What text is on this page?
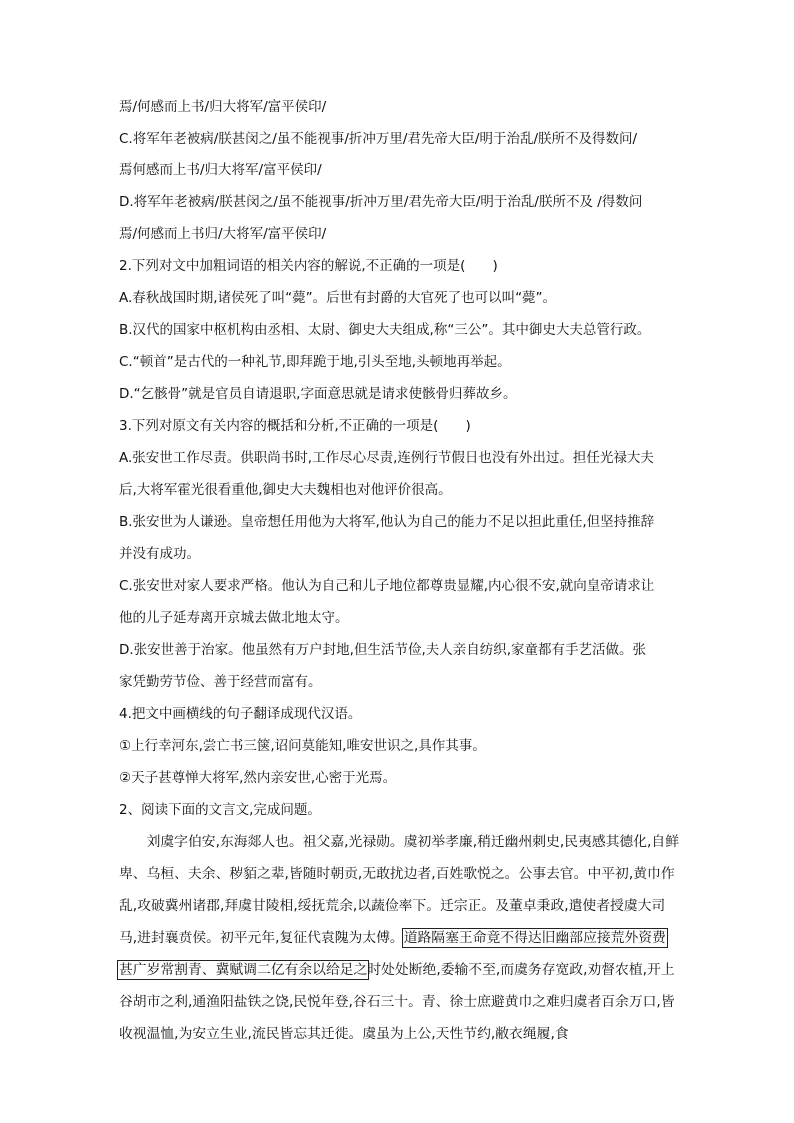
焉/何感而上书/归大将军/富平侯印/
C.将军年老被病/朕甚闵之/虽不能视事/折冲万里/君先帝大臣/明于治乱/朕所不及得数问/
焉何感而上书/归大将军/富平侯印/
D.将军年老被病/朕甚闵之/虽不能视事/折冲万里/君先帝大臣/明于治乱/朕所不及 /得数问
焉/何感而上书归/大将军/富平侯印/
2.下列对文中加粗词语的相关内容的解说,不正确的一项是(　　)
A.春秋战国时期,诸侯死了叫“薨”。后世有封爵的大官死了也可以叫“薨”。
B.汉代的国家中枢机构由丞相、太尉、御史大夫组成,称“三公”。其中御史大夫总管行政。
C.“顿首”是古代的一种礼节,即拜跪于地,引头至地,头顿地再举起。
D.“乞骸骨”就是官员自请退职,字面意思就是请求使骸骨归葬故乡。
3.下列对原文有关内容的概括和分析,不正确的一项是(　　)
A.张安世工作尽责。供职尚书时,工作尽心尽责,连例行节假日也没有外出过。担任光禄大夫
后,大将军霍光很看重他,御史大夫魏相也对他评价很高。
B.张安世为人谦逊。皇帝想任用他为大将军,他认为自己的能力不足以担此重任,但坚持推辞
并没有成功。
C.张安世对家人要求严格。他认为自己和儿子地位都尊贵显耀,内心很不安,就向皇帝请求让
他的儿子延寿离开京城去做北地太守。
D.张安世善于治家。他虽然有万户封地,但生活节俭,夫人亲自纺织,家童都有手艺活做。张
家凭勤劳节俭、善于经营而富有。
4.把文中画横线的句子翻译成现代汉语。
①上行幸河东,尝亡书三箧,诏问莫能知,唯安世识之,具作其事。
②天子甚尊惮大将军,然内亲安世,心密于光焉。
2、阅读下面的文言文,完成问题。
刘虞字伯安,东海郯人也。祖父嘉,光禄勋。虞初举孝廉,稍迁幽州刺史,民夷感其德化,自鲜卑、乌桓、夫余、秽貊之辈,皆随时朝贡,无敢扰边者,百姓歌悦之。公事去官。中平初,黄巾作乱,攻破冀州诸郡,拜虞甘陵相,绥抚荒余,以蔬俭率下。迁宗正。及董卓秉政,遣使者授虞大司马,进封襄贲侯。初平元年,复征代袁隗为太傅。道路隔塞王命竟不得达旧幽部应接荒外资费甚广岁常割青、冀赋调二亿有余以给足之时处处断绝,委输不至,而虞务存宽政,劝督农植,开上谷胡市之利,通渔阳盐铁之饶,民悦年登,谷石三十。青、徐士庶避黄巾之难归虞者百余万口,皆收视温恤,为安立生业,流民皆忘其迁徙。虞虽为上公,天性节约,敝衣绳履,食
